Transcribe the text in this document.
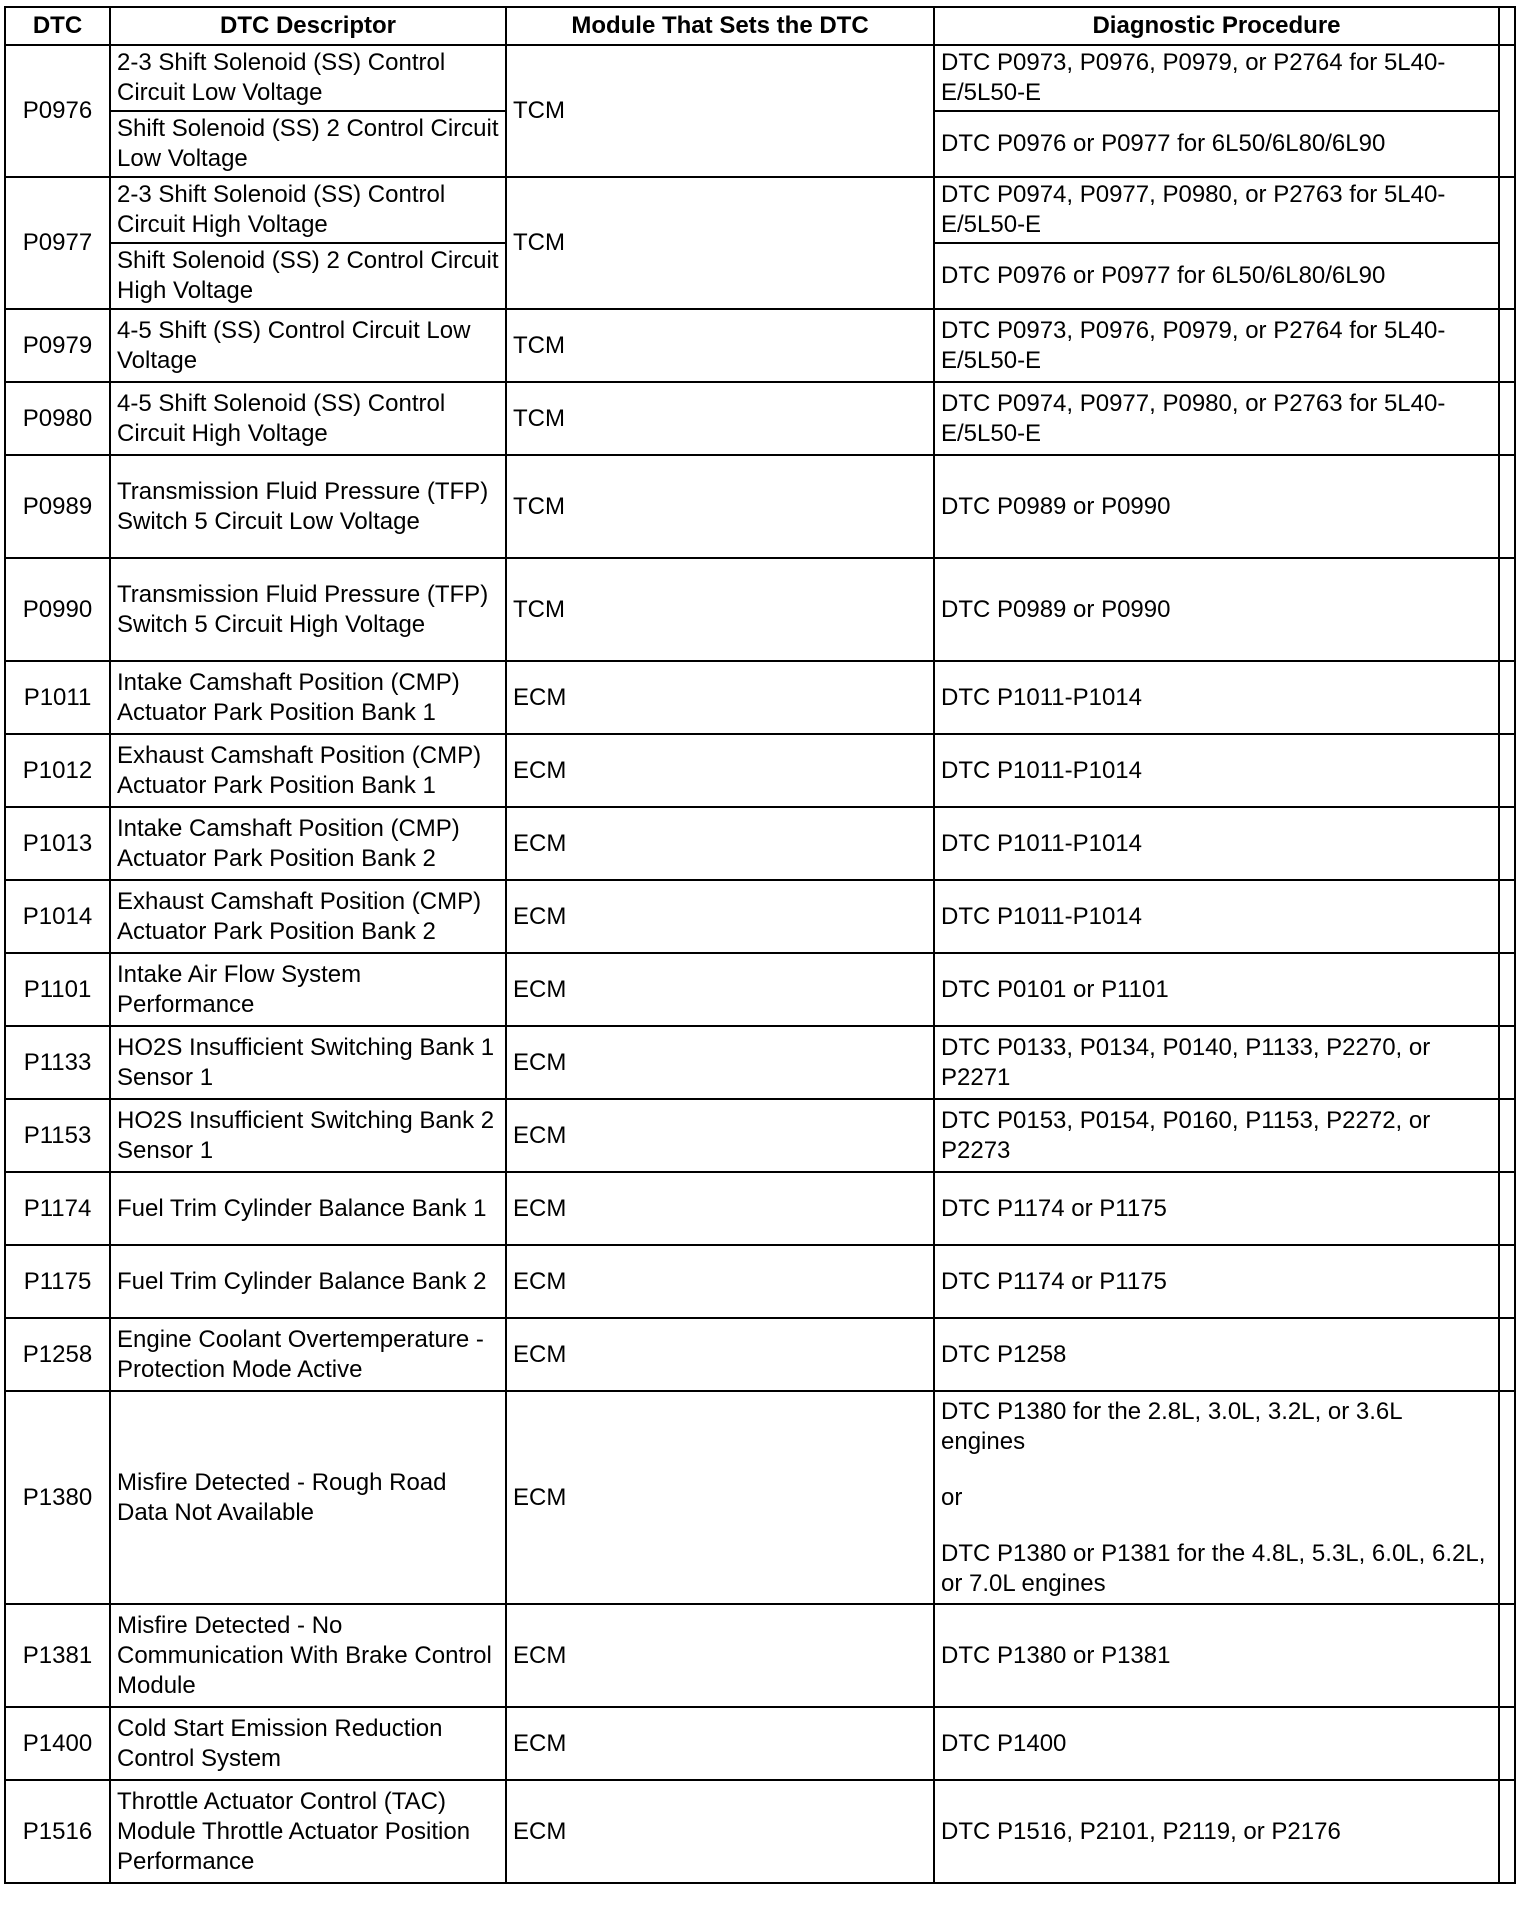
DTC	DTC Descriptor	Module That Sets the DTC	Diagnostic Procedure	
P0976	2-3 Shift Solenoid (SS) Control Circuit Low Voltage	TCM	DTC P0973, P0976, P0979, or P2764 for 5L40-E/5L50-E	
	Shift Solenoid (SS) 2 Control Circuit Low Voltage		DTC P0976 or P0977 for 6L50/6L80/6L90	
P0977	2-3 Shift Solenoid (SS) Control Circuit High Voltage	TCM	DTC P0974, P0977, P0980, or P2763 for 5L40-E/5L50-E	
	Shift Solenoid (SS) 2 Control Circuit High Voltage		DTC P0976 or P0977 for 6L50/6L80/6L90	
P0979	4-5 Shift (SS) Control Circuit Low Voltage	TCM	DTC P0973, P0976, P0979, or P2764 for 5L40-E/5L50-E	
P0980	4-5 Shift Solenoid (SS) Control Circuit High Voltage	TCM	DTC P0974, P0977, P0980, or P2763 for 5L40-E/5L50-E	
P0989	Transmission Fluid Pressure (TFP) Switch 5 Circuit Low Voltage	TCM	DTC P0989 or P0990	
P0990	Transmission Fluid Pressure (TFP) Switch 5 Circuit High Voltage	TCM	DTC P0989 or P0990	
P1011	Intake Camshaft Position (CMP) Actuator Park Position Bank 1	ECM	DTC P1011-P1014	
P1012	Exhaust Camshaft Position (CMP) Actuator Park Position Bank 1	ECM	DTC P1011-P1014	
P1013	Intake Camshaft Position (CMP) Actuator Park Position Bank 2	ECM	DTC P1011-P1014	
P1014	Exhaust Camshaft Position (CMP) Actuator Park Position Bank 2	ECM	DTC P1011-P1014	
P1101	Intake Air Flow System Performance	ECM	DTC P0101 or P1101	
P1133	HO2S Insufficient Switching Bank 1 Sensor 1	ECM	DTC P0133, P0134, P0140, P1133, P2270, or P2271	
P1153	HO2S Insufficient Switching Bank 2 Sensor 1	ECM	DTC P0153, P0154, P0160, P1153, P2272, or P2273	
P1174	Fuel Trim Cylinder Balance Bank 1	ECM	DTC P1174 or P1175	
P1175	Fuel Trim Cylinder Balance Bank 2	ECM	DTC P1174 or P1175	
P1258	Engine Coolant Overtemperature - Protection Mode Active	ECM	DTC P1258	
P1380	Misfire Detected - Rough Road Data Not Available	ECM	DTC P1380 for the 2.8L, 3.0L, 3.2L, or 3.6L engines

or

DTC P1380 or P1381 for the 4.8L, 5.3L, 6.0L, 6.2L, or 7.0L engines	

P1381	Misfire Detected - No Communication With Brake Control Module	ECM	DTC P1380 or P1381	
P1400	Cold Start Emission Reduction Control System	ECM	DTC P1400	
P1516	Throttle Actuator Control (TAC) Module Throttle Actuator Position Performance	ECM	DTC P1516, P2101, P2119, or P2176	
